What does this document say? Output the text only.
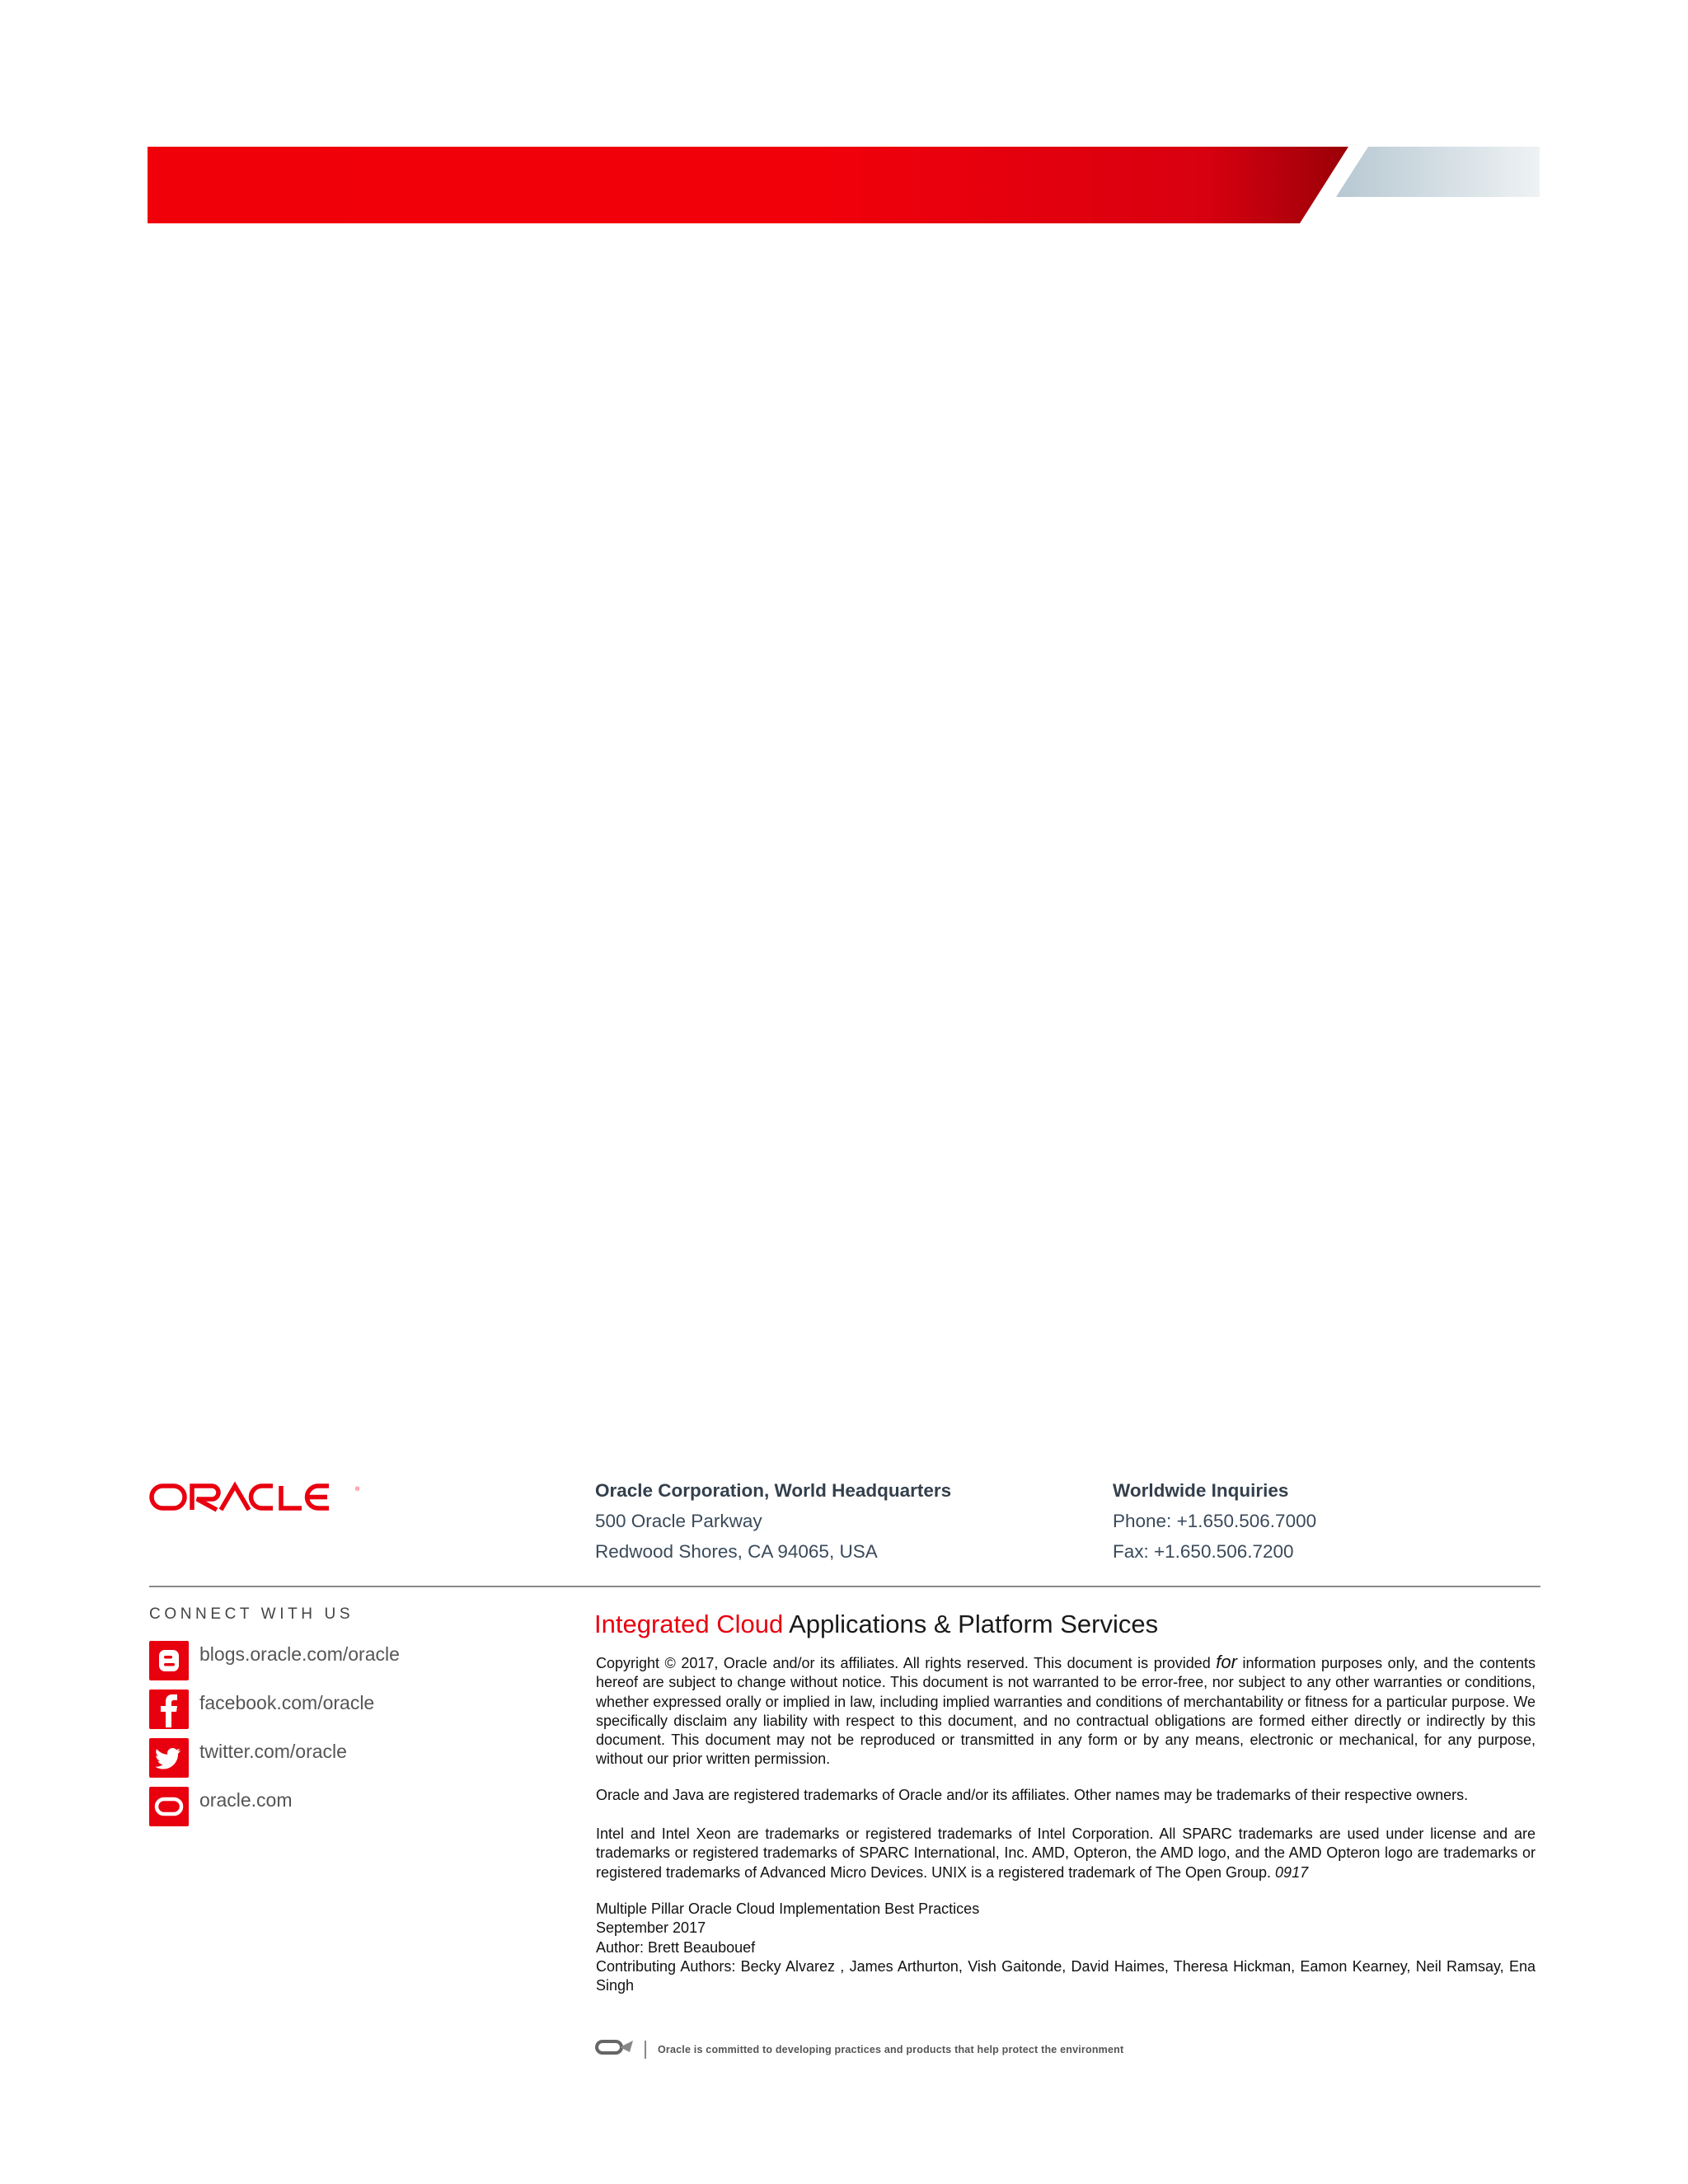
®	Oracle Corporation, World Headquarters
500 Oracle Parkway
Redwood Shores, CA 94065, USA
Worldwide Inquiries
Phone: +1.650.506.7000
Fax: +1.650.506.7200
CONNECT WITH US
blogs.oracle.com/oracle
facebook.com/oracle
twitter.com/oracle
oracle.com
Integrated Cloud Applications & Platform Services
Copyright © 2017, Oracle and/or its affiliates. All rights reserved. This document is provided for information purposes only, and the contents hereof are subject to change without notice. This document is not warranted to be error-free, nor subject to any other warranties or conditions, whether expressed orally or implied in law, including implied warranties and conditions of merchantability or fitness for a particular purpose. We specifically disclaim any liability with respect to this document, and no contractual obligations are formed either directly or indirectly by this document. This document may not be reproduced or transmitted in any form or by any means, electronic or mechanical, for any purpose, without our prior written permission.
Oracle and Java are registered trademarks of Oracle and/or its affiliates. Other names may be trademarks of their respective owners.
Intel and Intel Xeon are trademarks or registered trademarks of Intel Corporation. All SPARC trademarks are used under license and are trademarks or registered trademarks of SPARC International, Inc. AMD, Opteron, the AMD logo, and the AMD Opteron logo are trademarks or registered trademarks of Advanced Micro Devices. UNIX is a registered trademark of The Open Group. 0917
Multiple Pillar Oracle Cloud Implementation Best Practices
September 2017
Author: Brett Beaubouef
Contributing Authors: Becky Alvarez , James Arthurton, Vish Gaitonde, David Haimes, Theresa Hickman, Eamon Kearney, Neil Ramsay, Ena Singh
Oracle is committed to developing practices and products that help protect the environment
